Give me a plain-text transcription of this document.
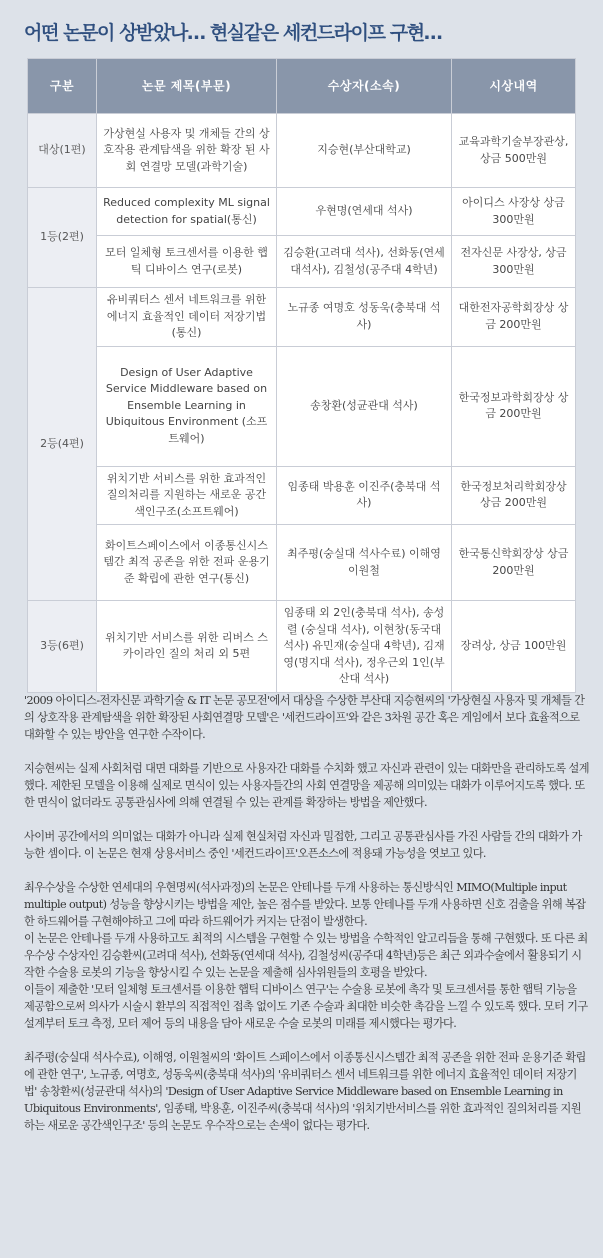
어떤 논문이 상받았나… 현실같은 세컨드라이프 구현…
구분	논문 제목(부문)	수상자(소속)	시상내역
대상(1편)	가상현실 사용자 및 개체들 간의 상호작용 관계탐색을 위한 확장 된 사회 연결망 모델(과학기술)	지승현(부산대학교)	교육과학기술부장관상, 상금 500만원
1등(2편)	Reduced complexity ML signal detection for spatial(통신)	우현명(연세대 석사)	아이디스 사장상 상금 300만원
	모터 일체형 토크센서를 이용한 햅틱 디바이스 연구(로봇)	김승환(고려대 석사), 선화동(연세 대석사), 김철성(공주대 4학년)	전자신문 사장상, 상금 300만원
2등(4편)	유비쿼터스 센서 네트워크를 위한 에너지 효율적인 데이터 저장기법(통신)	노규종 여명호 성동욱(충북대 석사)	대한전자공학회장상 상금 200만원
	Design of User Adaptive Service Middleware based on Ensemble Learning in Ubiquitous Environment (소프트웨어)	송창환(성균관대 석사)	한국정보과학회장상 상금 200만원
	위치기반 서비스를 위한 효과적인 질의처리를 지원하는 새로운 공간색인구조(소프트웨어)	임종태 박용훈 이진주(충북대 석사)	한국정보처리학회장상 상금 200만원
	화이트스페이스에서 이종통신시스템간 최적 공존을 위한 전파 운용기준 확립에 관한 연구(통신)	최주평(숭실대 석사수료) 이해영 이원철	한국통신학회장상 상금 200만원
3등(6편)	위치기반 서비스를 위한 리버스 스카이라인 질의 처리 외 5편	임종태 외 2인(충북대 석사), 송성렬 (숭실대 석사), 이현창(동국대 석사) 유민재(숭실대 4학년), 김재영(명지대 석사), 정우근외 1인(부산대 석사)	장려상, 상금 100만원

'2009 아이디스-전자신문 과학기술 & IT 논문 공모전'에서 대상을 수상한 부산대 지승현씨의 '가상현실 사용자 및 개체들 간의 상호작용 관계탐색을 위한 확장된 사회연결망 모델'은 '세컨드라이프'와 같은 3차원 공간 혹은 게임에서 보다 효율적으로 대화할 수 있는 방안을 연구한 수작이다.

지승현씨는 실제 사회처럼 대면 대화를 기반으로 사용자간 대화를 수치화 했고 자신과 관련이 있는 대화만을 관리하도록 설계했다. 제한된 모델을 이용해 실제로 면식이 있는 사용자들간의 사회 연결망을 제공해 의미있는 대화가 이루어지도록 했다. 또한 면식이 없더라도 공통관심사에 의해 연결될 수 있는 관계를 확장하는 방법을 제안했다.

사이버 공간에서의 의미없는 대화가 아니라 실제 현실처럼 자신과 밀접한, 그리고 공통관심사를 가진 사람들 간의 대화가 가능한 셈이다. 이 논문은 현재 상용서비스 중인 '세컨드라이프'오픈소스에 적용돼 가능성을 엿보고 있다.

최우수상을 수상한 연세대의 우현명씨(석사과정)의 논문은 안테나를 두개 사용하는 통신방식인 MIMO(Multiple input multiple output) 성능을 향상시키는 방법을 제안, 높은 점수를 받았다. 보통 안테나를 두개 사용하면 신호 검출을 위해 복잡한 하드웨어를 구현해야하고 그에 따라 하드웨어가 커지는 단점이 발생한다.

이 논문은 안테나를 두개 사용하고도 최적의 시스템을 구현할 수 있는 방법을 수학적인 알고리듬을 통해 구현했다. 또 다른 최우수상 수상자인 김승환씨(고려대 석사), 선화동(연세대 석사), 김철성씨(공주대 4학년)등은 최근 외과수술에서 활용되기 시작한 수술용 로봇의 기능을 향상시킬 수 있는 논문을 제출해 심사위원들의 호평을 받았다.

이들이 제출한 '모터 일체형 토크센서를 이용한 햅틱 디바이스 연구'는 수술용 로봇에 촉각 및 토크센서를 통한 햅틱 기능을 제공함으로써 의사가 시술시 환부의 직접적인 접촉 없이도 기존 수술과 최대한 비슷한 촉감을 느낄 수 있도록 했다. 모터 기구 설계부터 토크 측정, 모터 제어 등의 내용을 담아 새로운 수술 로봇의 미래를 제시했다는 평가다.

최주평(숭실대 석사수료), 이해영, 이원철씨의 '화이트 스페이스에서 이종통신시스템간 최적 공존을 위한 전파 운용기준 확립에 관한 연구', 노규종, 여명호, 성동욱씨(충북대 석사)의 '유비쿼터스 센서 네트워크를 위한 에너지 효율적인 데이터 저장기법' 송창환씨(성균관대 석사)의 'Design of User Adaptive Service Middleware based on Ensemble Learning in Ubiquitous Environments', 임종태, 박용훈, 이진주씨(충북대 석사)의 '위치기반서비스를 위한 효과적인 질의처리를 지원하는 새로운 공간색인구조' 등의 논문도 우수작으로는 손색이 없다는 평가다.
